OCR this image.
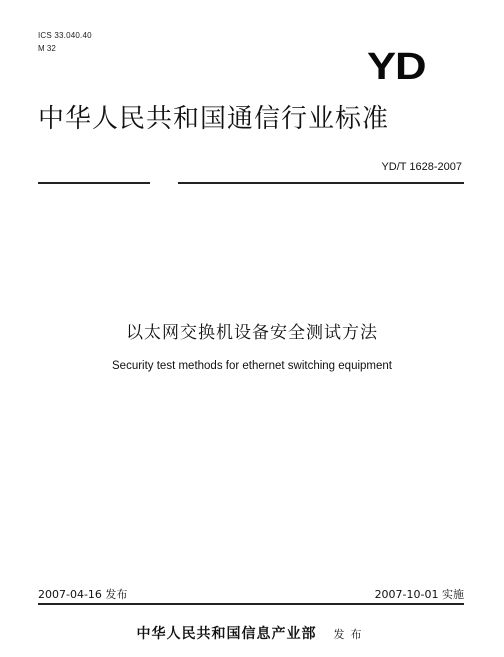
ICS 33.040.40
M 32	YD
中华人民共和国通信行业标准
YD/T 1628-2007
以太网交换机设备安全测试方法
Security test methods for ethernet switching equipment
2007-04-16 发布	2007-10-01 实施
中华人民共和国信息产业部 发布
